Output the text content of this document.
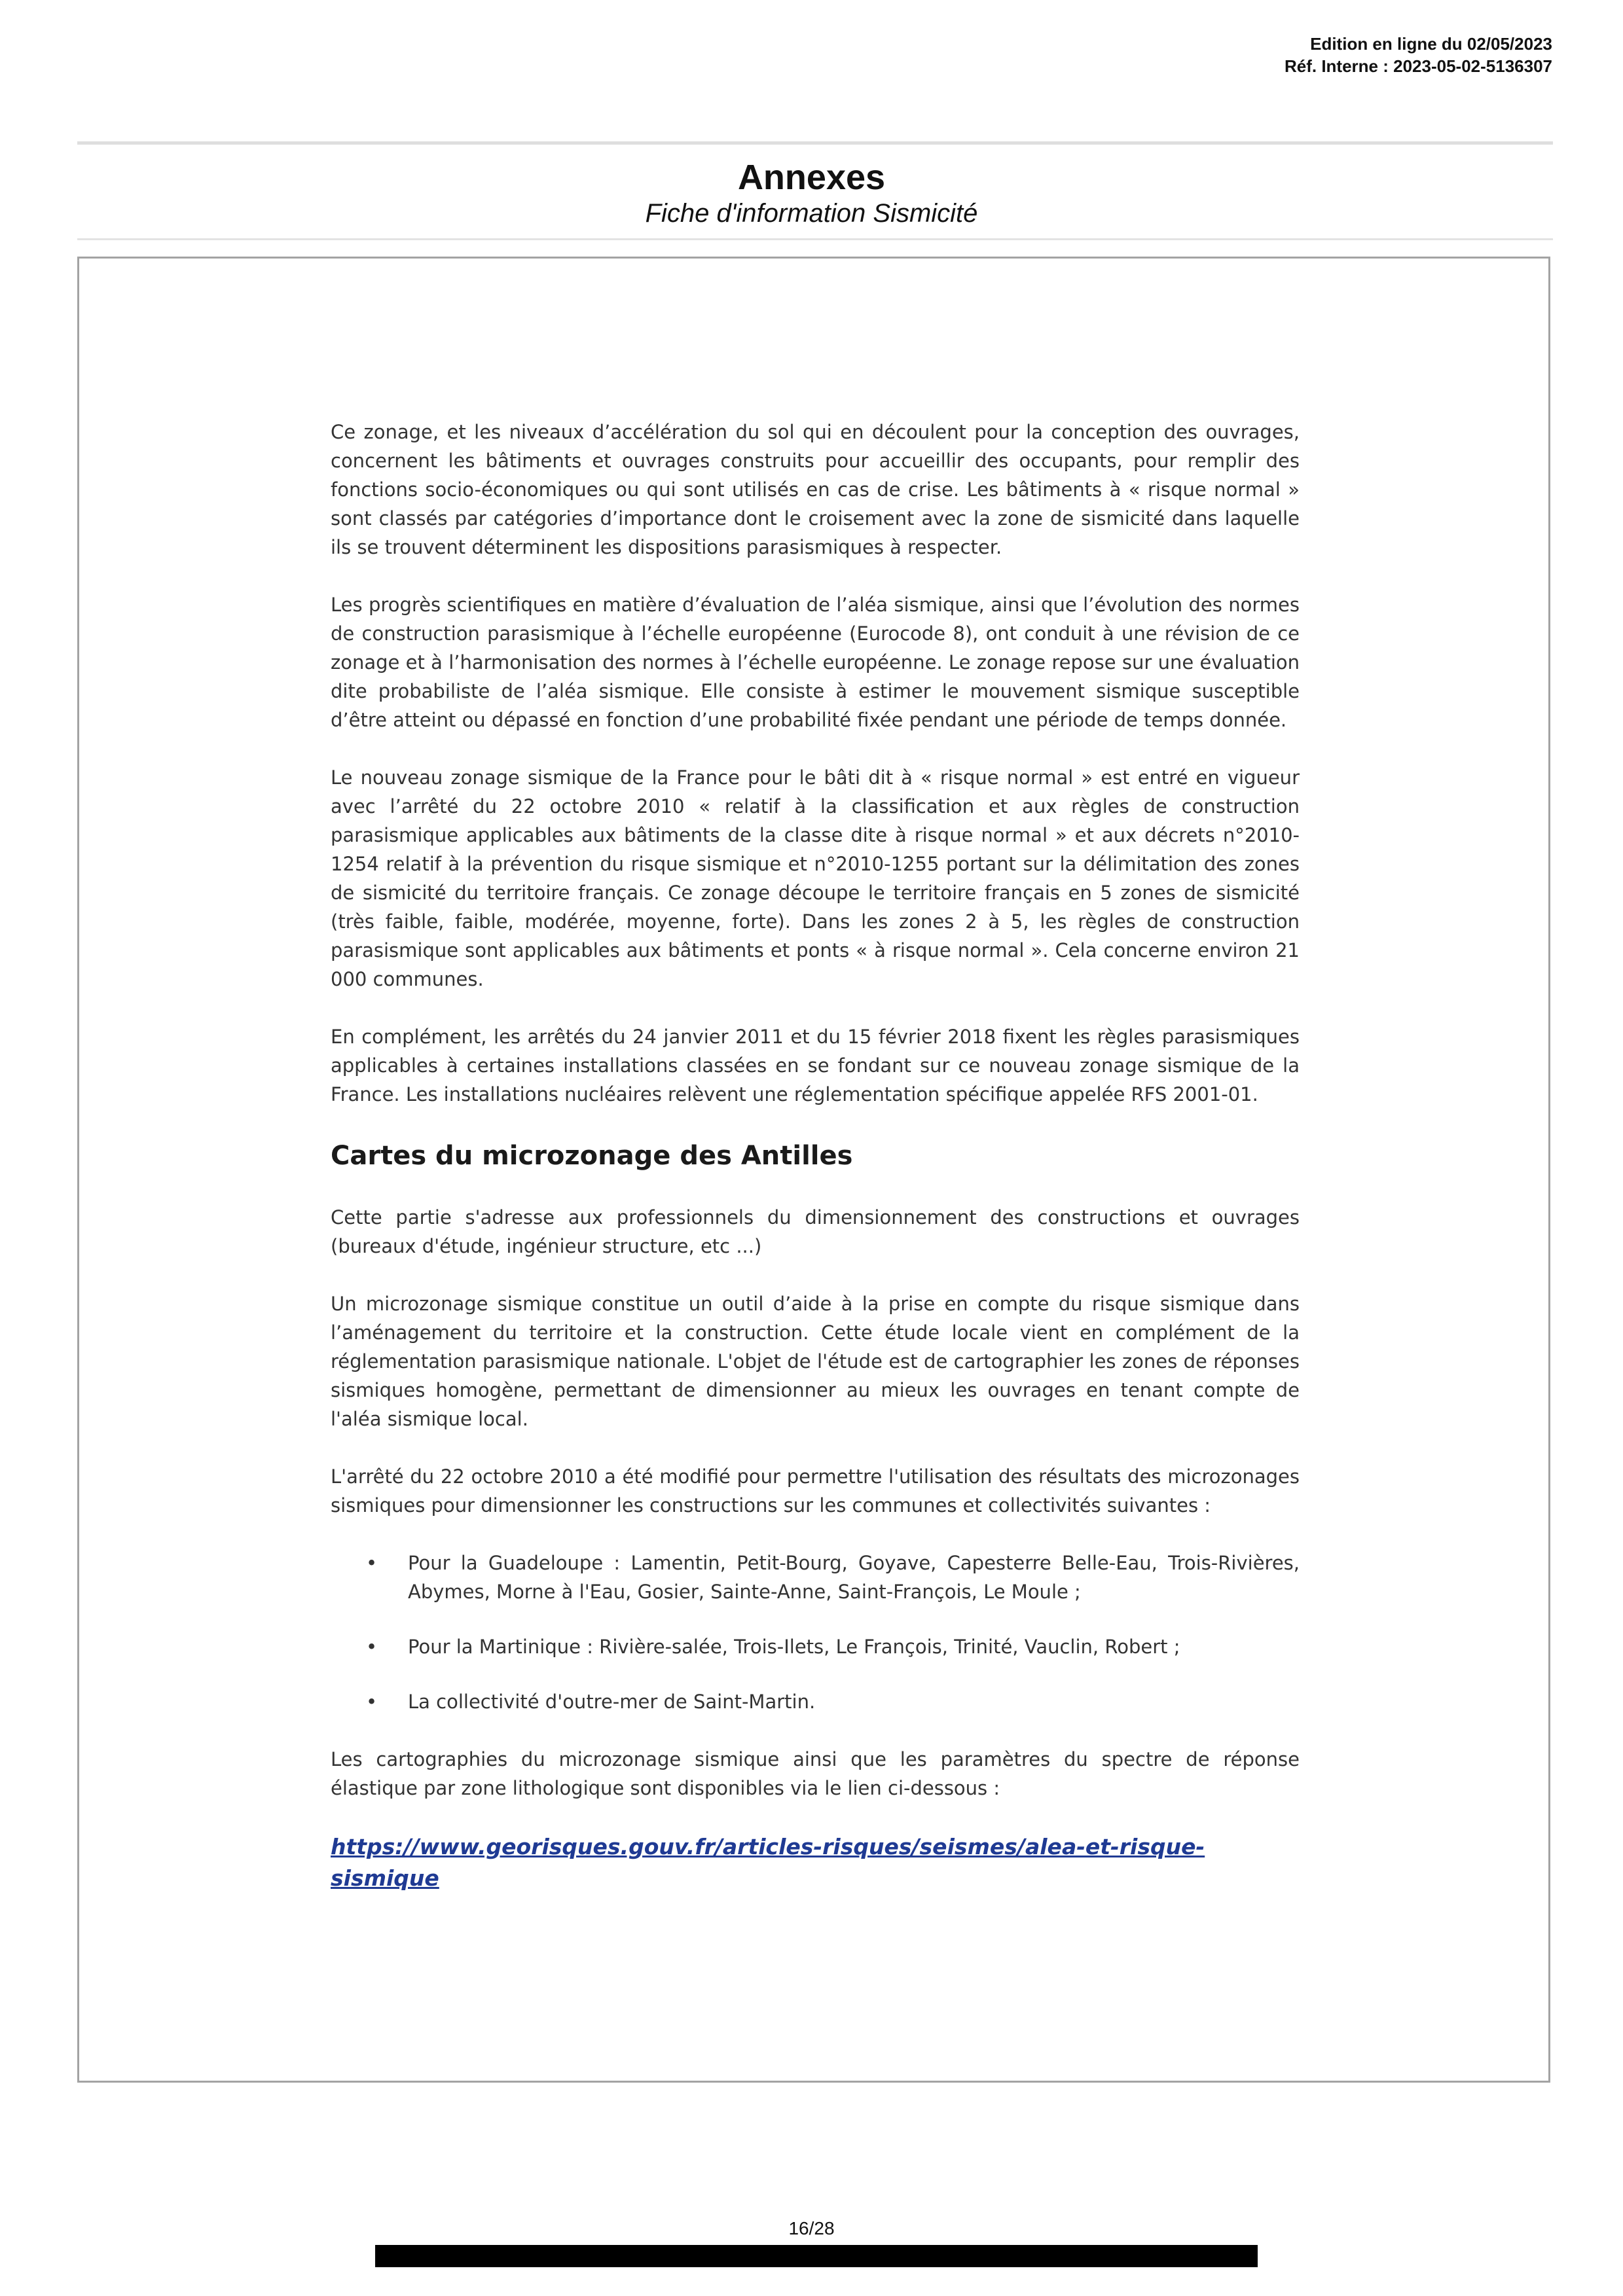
Edition en ligne du 02/05/2023
Réf. Interne : 2023-05-02-5136307
Annexes
Fiche d'information Sismicité

Ce zonage, et les niveaux d’accélération du sol qui en découlent pour la conception des ouvrages, concernent les bâtiments et ouvrages construits pour accueillir des occupants, pour remplir des fonctions socio-économiques ou qui sont utilisés en cas de crise. Les bâtiments à « risque normal » sont classés par catégories d’importance dont le croisement avec la zone de sismicité dans laquelle ils se trouvent déterminent les dispositions parasismiques à respecter.

Les progrès scientifiques en matière d’évaluation de l’aléa sismique, ainsi que l’évolution des normes de construction parasismique à l’échelle européenne (Eurocode 8), ont conduit à une révision de ce zonage et à l’harmonisation des normes à l’échelle européenne. Le zonage repose sur une évaluation dite probabiliste de l’aléa sismique. Elle consiste à estimer le mouvement sismique susceptible d’être atteint ou dépassé en fonction d’une probabilité fixée pendant une période de temps donnée.

Le nouveau zonage sismique de la France pour le bâti dit à « risque normal » est entré en vigueur avec l’arrêté du 22 octobre 2010 « relatif à la classification et aux règles de construction parasismique applicables aux bâtiments de la classe dite à risque normal » et aux décrets n°2010-1254 relatif à la prévention du risque sismique et n°2010-1255 portant sur la délimitation des zones de sismicité du territoire français. Ce zonage découpe le territoire français en 5 zones de sismicité (très faible, faible, modérée, moyenne, forte). Dans les zones 2 à 5, les règles de construction parasismique sont applicables aux bâtiments et ponts « à risque normal ». Cela concerne environ 21 000 communes.

En complément, les arrêtés du 24 janvier 2011 et du 15 février 2018 fixent les règles parasismiques applicables à certaines installations classées en se fondant sur ce nouveau zonage sismique de la France. Les installations nucléaires relèvent une réglementation spécifique appelée RFS 2001-01.

Cartes du microzonage des Antilles

Cette partie s'adresse aux professionnels du dimensionnement des constructions et ouvrages (bureaux d'étude, ingénieur structure, etc ...)

Un microzonage sismique constitue un outil d’aide à la prise en compte du risque sismique dans l’aménagement du territoire et la construction. Cette étude locale vient en complément de la réglementation parasismique nationale. L'objet de l'étude est de cartographier les zones de réponses sismiques homogène, permettant de dimensionner au mieux les ouvrages en tenant compte de l'aléa sismique local.

L'arrêté du 22 octobre 2010 a été modifié pour permettre l'utilisation des résultats des microzonages sismiques pour dimensionner les constructions sur les communes et collectivités suivantes :

• Pour la Guadeloupe : Lamentin, Petit-Bourg, Goyave, Capesterre Belle-Eau, Trois-Rivières, Abymes, Morne à l'Eau, Gosier, Sainte-Anne, Saint-François, Le Moule ;
• Pour la Martinique : Rivière-salée, Trois-Ilets, Le François, Trinité, Vauclin, Robert ;
• La collectivité d'outre-mer de Saint-Martin.

Les cartographies du microzonage sismique ainsi que les paramètres du spectre de réponse élastique par zone lithologique sont disponibles via le lien ci-dessous :

https://www.georisques.gouv.fr/articles-risques/seismes/alea-et-risque-sismique

16/28
